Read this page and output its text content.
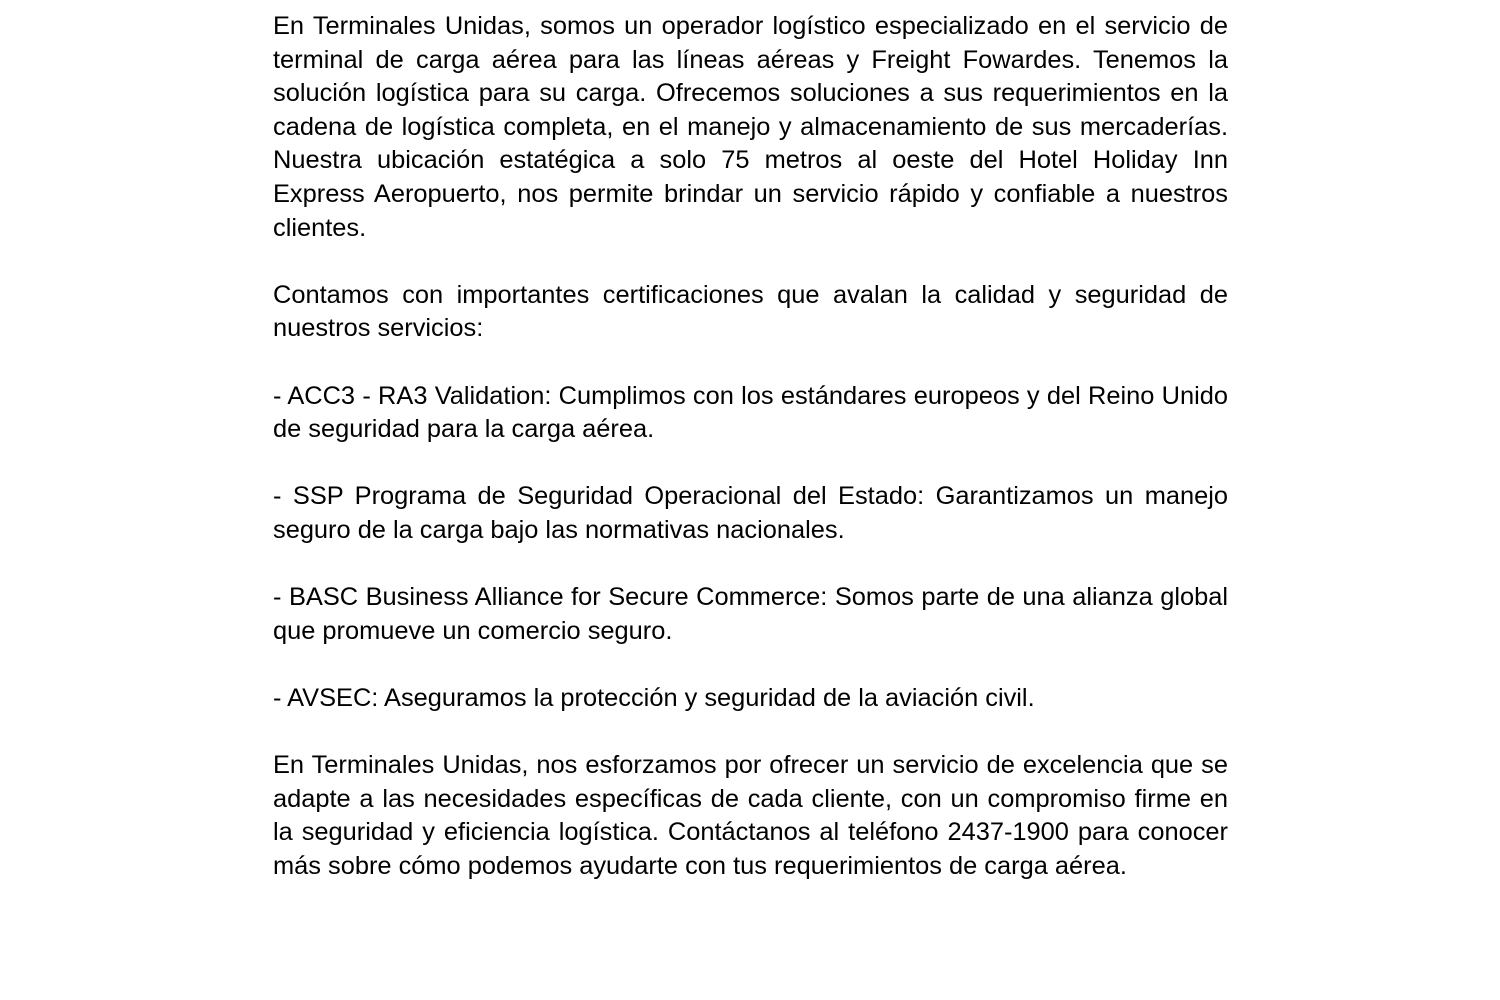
En Terminales Unidas, somos un operador logístico especializado en el servicio de terminal de carga aérea para las líneas aéreas y Freight Fowardes. Tenemos la solución logística para su carga. Ofrecemos soluciones a sus requerimientos en la cadena de logística completa, en el manejo y almacenamiento de sus mercaderías. Nuestra ubicación estatégica a solo 75 metros al oeste del Hotel Holiday Inn Express Aeropuerto, nos permite brindar un servicio rápido y confiable a nuestros clientes.

Contamos con importantes certificaciones que avalan la calidad y seguridad de nuestros servicios:

- ACC3 - RA3 Validation: Cumplimos con los estándares europeos y del Reino Unido de seguridad para la carga aérea.

- SSP Programa de Seguridad Operacional del Estado: Garantizamos un manejo seguro de la carga bajo las normativas nacionales.

- BASC Business Alliance for Secure Commerce: Somos parte de una alianza global que promueve un comercio seguro.

- AVSEC: Aseguramos la protección y seguridad de la aviación civil.

En Terminales Unidas, nos esforzamos por ofrecer un servicio de excelencia que se adapte a las necesidades específicas de cada cliente, con un compromiso firme en la seguridad y eficiencia logística. Contáctanos al teléfono 2437-1900 para conocer más sobre cómo podemos ayudarte con tus requerimientos de carga aérea.
